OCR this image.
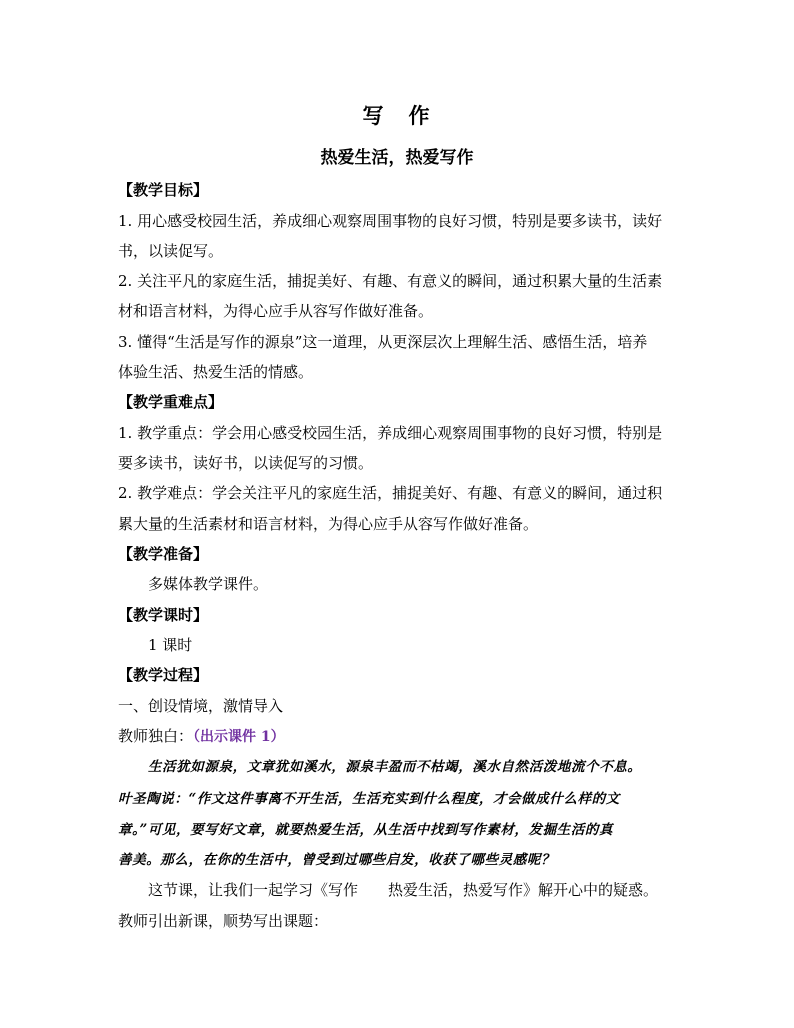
写　作
热爱生活，热爱写作
【教学目标】
1. 用心感受校园生活，养成细心观察周围事物的良好习惯，特别是要多读书，读好
书，以读促写。
2. 关注平凡的家庭生活，捕捉美好、有趣、有意义的瞬间，通过积累大量的生活素
材和语言材料，为得心应手从容写作做好准备。
3. 懂得“生活是写作的源泉”这一道理，从更深层次上理解生活、感悟生活，培养
体验生活、热爱生活的情感。
【教学重难点】
1. 教学重点：学会用心感受校园生活，养成细心观察周围事物的良好习惯，特别是
要多读书，读好书，以读促写的习惯。
2. 教学难点：学会关注平凡的家庭生活，捕捉美好、有趣、有意义的瞬间，通过积
累大量的生活素材和语言材料，为得心应手从容写作做好准备。
【教学准备】
多媒体教学课件。
【教学课时】
1 课时
【教学过程】
一、创设情境，激情导入
教师独白：（出示课件 1）
生活犹如源泉，文章犹如溪水，源泉丰盈而不枯竭，溪水自然活泼地流个不息。
叶圣陶说：“作文这件事离不开生活，生活充实到什么程度，才会做成什么样的文
章。”可见，要写好文章，就要热爱生活，从生活中找到写作素材，发掘生活的真
善美。那么，在你的生活中，曾受到过哪些启发，收获了哪些灵感呢？
这节课，让我们一起学习《写作　　热爱生活，热爱写作》解开心中的疑惑。
教师引出新课，顺势写出课题：
